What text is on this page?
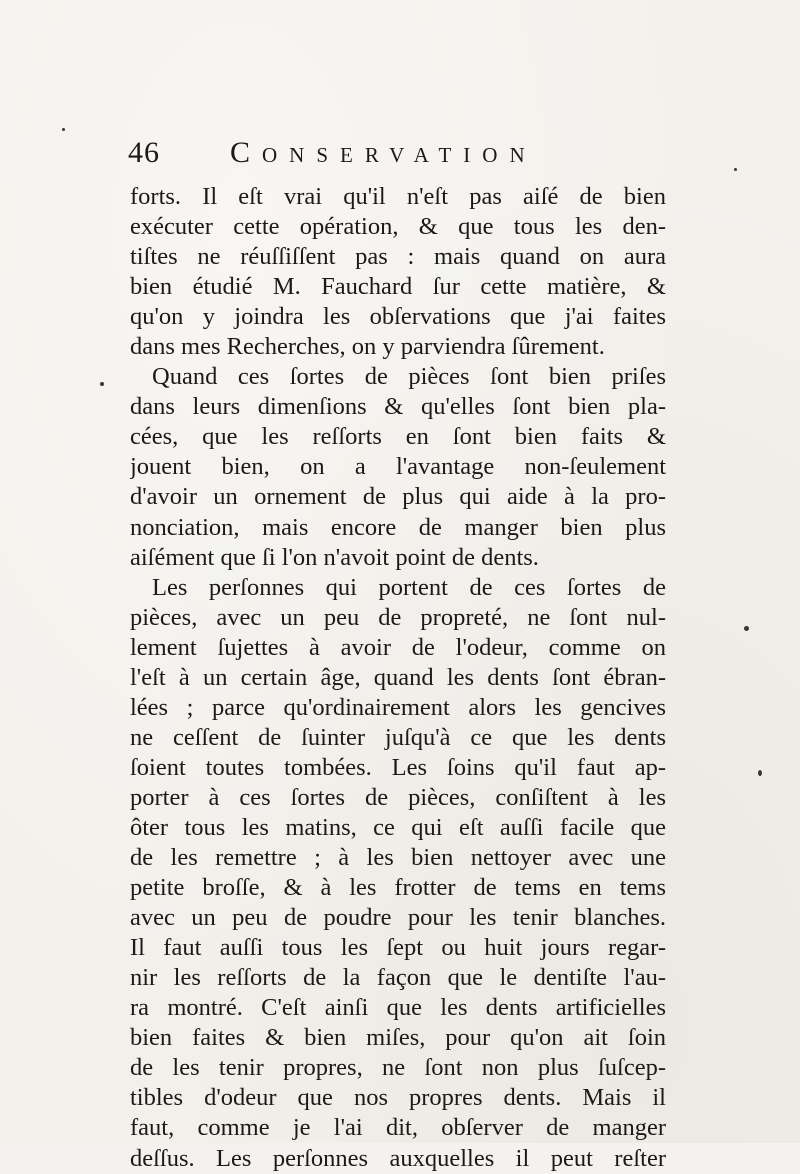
46 Conservation
forts. Il eſt vrai qu'il n'eſt pas aiſé de bien
exécuter cette opération, & que tous les den-
tiſtes ne réuſſiſſent pas : mais quand on aura
bien étudié M. Fauchard ſur cette matière, &
qu'on y joindra les obſervations que j'ai faites
dans mes Recherches, on y parviendra ſûrement.
Quand ces ſortes de pièces ſont bien priſes
dans leurs dimenſions & qu'elles ſont bien pla-
cées, que les reſſorts en ſont bien faits &
jouent bien, on a l'avantage non-ſeulement
d'avoir un ornement de plus qui aide à la pro-
nonciation, mais encore de manger bien plus
aiſément que ſi l'on n'avoit point de dents.
Les perſonnes qui portent de ces ſortes de
pièces, avec un peu de propreté, ne ſont nul-
lement ſujettes à avoir de l'odeur, comme on
l'eſt à un certain âge, quand les dents ſont ébran-
lées ; parce qu'ordinairement alors les gencives
ne ceſſent de ſuinter juſqu'à ce que les dents
ſoient toutes tombées. Les ſoins qu'il faut ap-
porter à ces ſortes de pièces, conſiſtent à les
ôter tous les matins, ce qui eſt auſſi facile que
de les remettre ; à les bien nettoyer avec une
petite broſſe, & à les frotter de tems en tems
avec un peu de poudre pour les tenir blanches.
Il faut auſſi tous les ſept ou huit jours regar-
nir les reſſorts de la façon que le dentiſte l'au-
ra montré. C'eſt ainſi que les dents artificielles
bien faites & bien miſes, pour qu'on ait ſoin
de les tenir propres, ne ſont non plus ſuſcep-
tibles d'odeur que nos propres dents. Mais il
faut, comme je l'ai dit, obſerver de manger
deſſus. Les perſonnes auxquelles il peut reſter
